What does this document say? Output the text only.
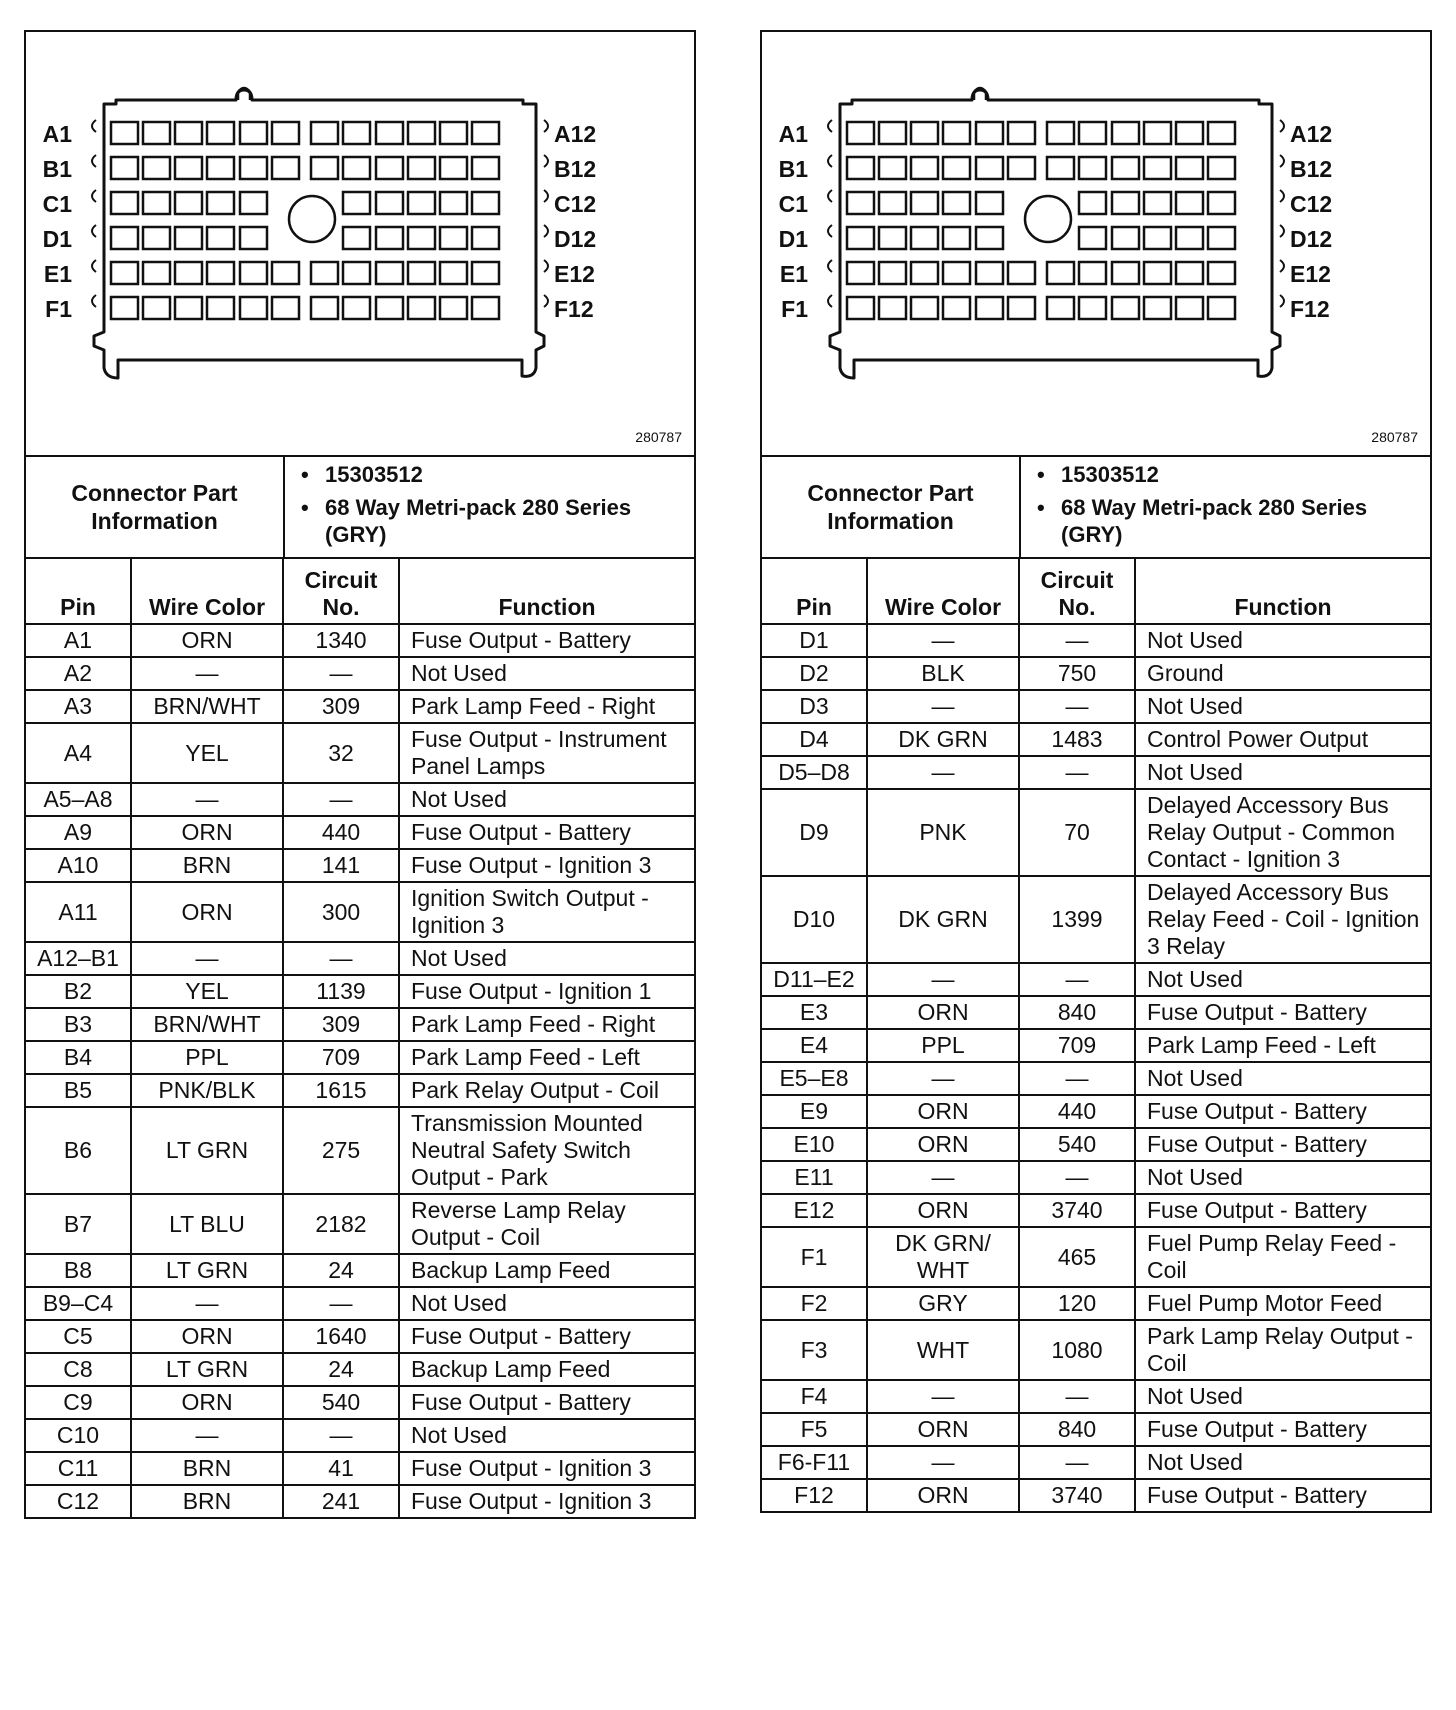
A1
B1
C1
D1
E1
F1
A12
B12
C12
D12
E12
F12
280787
Connector Part Information
• 15303512
• 68 Way Metri-pack 280 Series (GRY)
Pin	Wire Color	Circuit No.	Function
A1	ORN	1340	Fuse Output - Battery
A2	—	—	Not Used
A3	BRN/WHT	309	Park Lamp Feed - Right
A4	YEL	32	Fuse Output - Instrument Panel Lamps
A5–A8	—	—	Not Used
A9	ORN	440	Fuse Output - Battery
A10	BRN	141	Fuse Output - Ignition 3
A11	ORN	300	Ignition Switch Output - Ignition 3
A12–B1	—	—	Not Used
B2	YEL	1139	Fuse Output - Ignition 1
B3	BRN/WHT	309	Park Lamp Feed - Right
B4	PPL	709	Park Lamp Feed - Left
B5	PNK/BLK	1615	Park Relay Output - Coil
B6	LT GRN	275	Transmission Mounted Neutral Safety Switch Output - Park
B7	LT BLU	2182	Reverse Lamp Relay Output - Coil
B8	LT GRN	24	Backup Lamp Feed
B9–C4	—	—	Not Used
C5	ORN	1640	Fuse Output - Battery
C8	LT GRN	24	Backup Lamp Feed
C9	ORN	540	Fuse Output - Battery
C10	—	—	Not Used
C11	BRN	41	Fuse Output - Ignition 3
C12	BRN	241	Fuse Output - Ignition 3
A1
B1
C1
D1
E1
F1
A12
B12
C12
D12
E12
F12
280787
Connector Part Information
• 15303512
• 68 Way Metri-pack 280 Series (GRY)
Pin	Wire Color	Circuit No.	Function
D1	—	—	Not Used
D2	BLK	750	Ground
D3	—	—	Not Used
D4	DK GRN	1483	Control Power Output
D5–D8	—	—	Not Used
D9	PNK	70	Delayed Accessory Bus Relay Output - Common Contact - Ignition 3
D10	DK GRN	1399	Delayed Accessory Bus Relay Feed - Coil - Ignition 3 Relay
D11–E2	—	—	Not Used
E3	ORN	840	Fuse Output - Battery
E4	PPL	709	Park Lamp Feed - Left
E5–E8	—	—	Not Used
E9	ORN	440	Fuse Output - Battery
E10	ORN	540	Fuse Output - Battery
E11	—	—	Not Used
E12	ORN	3740	Fuse Output - Battery
F1	DK GRN/ WHT	465	Fuel Pump Relay Feed - Coil
F2	GRY	120	Fuel Pump Motor Feed
F3	WHT	1080	Park Lamp Relay Output - Coil
F4	—	—	Not Used
F5	ORN	840	Fuse Output - Battery
F6-F11	—	—	Not Used
F12	ORN	3740	Fuse Output - Battery
